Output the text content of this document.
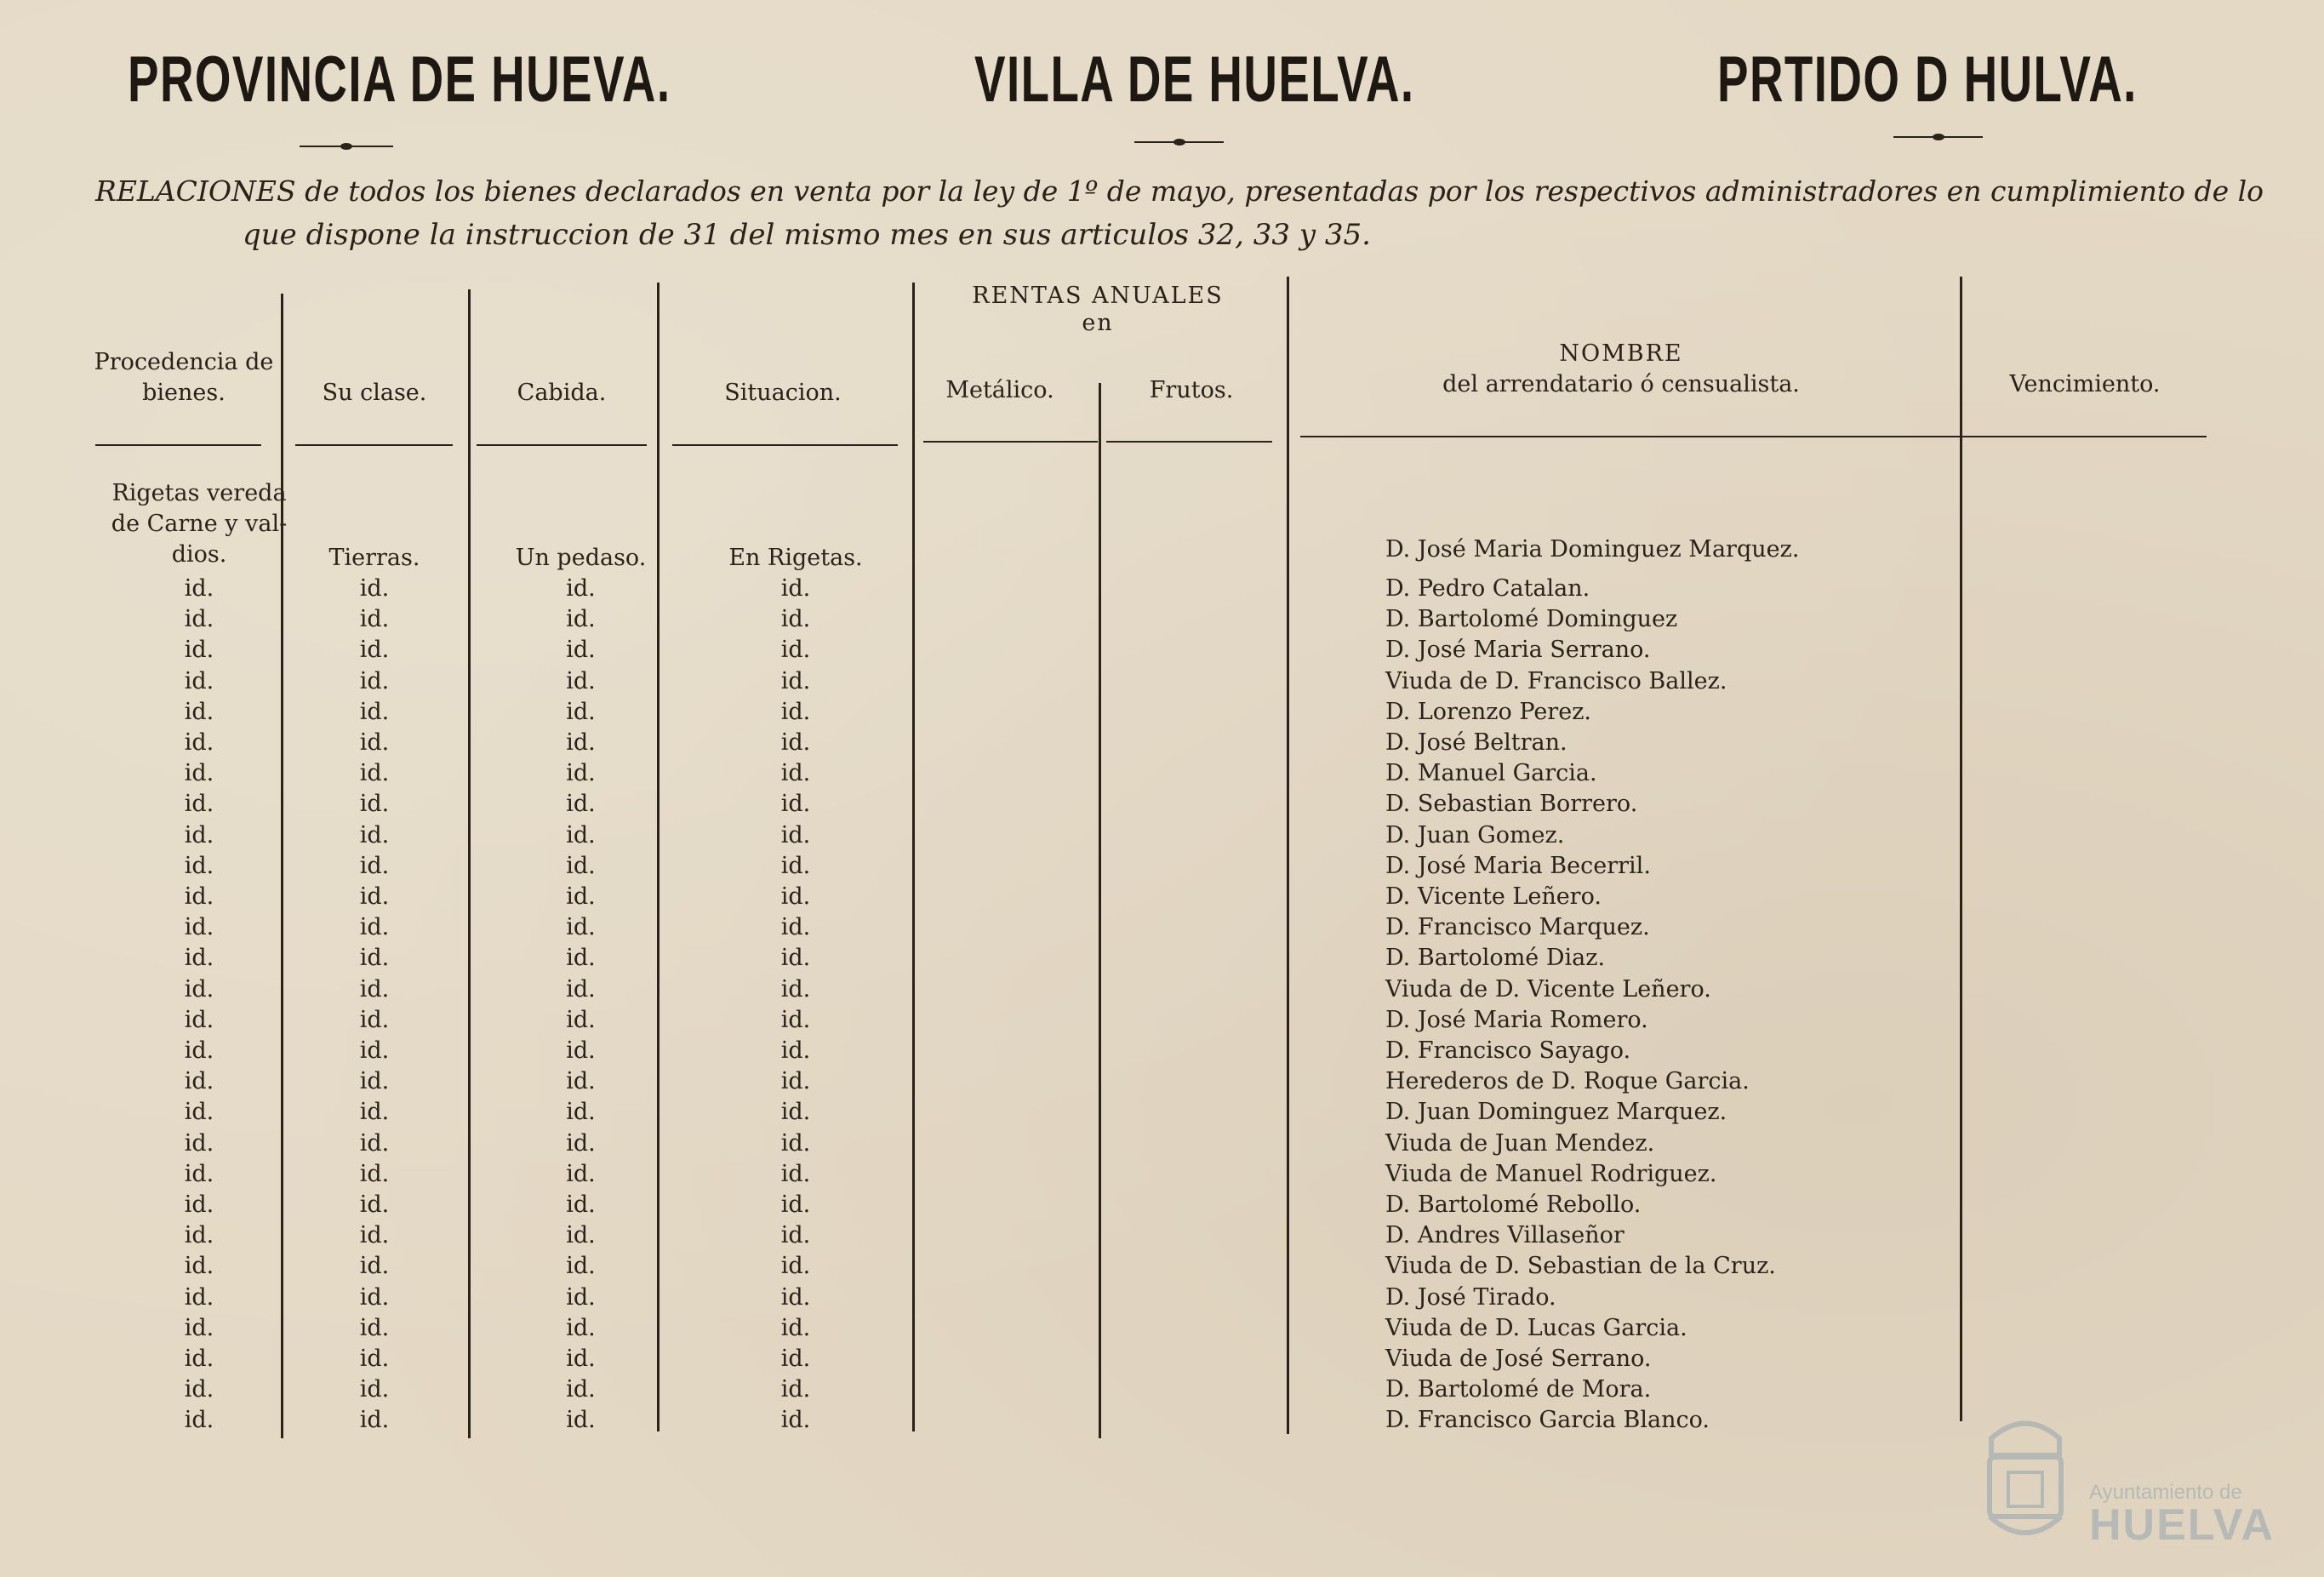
PROVINCIA DE HUEVA.	VILLA DE HUELVA.	PRTIDO D HULVA.
RELACIONES de todos los bienes declarados en venta por la ley de 1º de mayo, presentadas por los respectivos administradores en cumplimiento de lo
que dispone la instruccion de 31 del mismo mes en sus articulos 32, 33 y 35.
Procedencia de
bienes.	Su clase.	Cabida.	Situacion.
RENTAS ANUALES
en
Metálico.	Frutos.
NOMBRE
del arrendatario ó censualista.	Vencimiento.
Rigetas vereda
de Carne y val-
dios.	Tierras.	Un pedaso.	En Rigetas.	D. José Maria Dominguez Marquez.
id.	id.	id.	id.	D. Pedro Catalan.
id.	id.	id.	id.	D. Bartolomé Dominguez
id.	id.	id.	id.	D. José Maria Serrano.
id.	id.	id.	id.	Viuda de D. Francisco Ballez.
id.	id.	id.	id.	D. Lorenzo Perez.
id.	id.	id.	id.	D. José Beltran.
id.	id.	id.	id.	D. Manuel Garcia.
id.	id.	id.	id.	D. Sebastian Borrero.
id.	id.	id.	id.	D. Juan Gomez.
id.	id.	id.	id.	D. José Maria Becerril.
id.	id.	id.	id.	D. Vicente Leñero.
id.	id.	id.	id.	D. Francisco Marquez.
id.	id.	id.	id.	D. Bartolomé Diaz.
id.	id.	id.	id.	Viuda de D. Vicente Leñero.
id.	id.	id.	id.	D. José Maria Romero.
id.	id.	id.	id.	D. Francisco Sayago.
id.	id.	id.	id.	Herederos de D. Roque Garcia.
id.	id.	id.	id.	D. Juan Dominguez Marquez.
id.	id.	id.	id.	Viuda de Juan Mendez.
id.	id.	id.	id.	Viuda de Manuel Rodriguez.
id.	id.	id.	id.	D. Bartolomé Rebollo.
id.	id.	id.	id.	D. Andres Villaseñor
id.	id.	id.	id.	Viuda de D. Sebastian de la Cruz.
id.	id.	id.	id.	D. José Tirado.
id.	id.	id.	id.	Viuda de D. Lucas Garcia.
id.	id.	id.	id.	Viuda de José Serrano.
id.	id.	id.	id.	D. Bartolomé de Mora.
id.	id.	id.	id.	D. Francisco Garcia Blanco.
Ayuntamiento de
HUELVA
